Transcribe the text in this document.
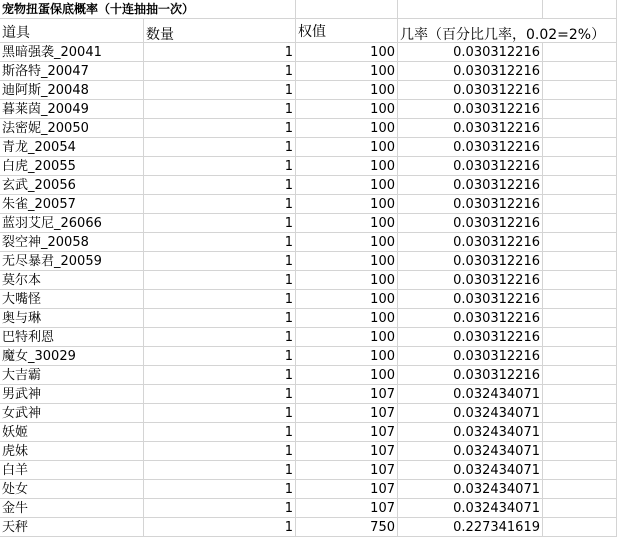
宠物扭蛋保底概率（十连抽抽一次）
道具	数量	权值	几率（百分比几率，0.02=2%）
黑暗强袭_20041	1	100	0.030312216
斯洛特_20047	1	100	0.030312216
迪阿斯_20048	1	100	0.030312216
暮莱茵_20049	1	100	0.030312216
法密妮_20050	1	100	0.030312216
青龙_20054	1	100	0.030312216
白虎_20055	1	100	0.030312216
玄武_20056	1	100	0.030312216
朱雀_20057	1	100	0.030312216
蓝羽艾尼_26066	1	100	0.030312216
裂空神_20058	1	100	0.030312216
无尽暴君_20059	1	100	0.030312216
莫尔本	1	100	0.030312216
大嘴怪	1	100	0.030312216
奥与琳	1	100	0.030312216
巴特利恩	1	100	0.030312216
魔女_30029	1	100	0.030312216
大吉霸	1	100	0.030312216
男武神	1	107	0.032434071
女武神	1	107	0.032434071
妖姬	1	107	0.032434071
虎妹	1	107	0.032434071
白羊	1	107	0.032434071
处女	1	107	0.032434071
金牛	1	107	0.032434071
天秤	1	750	0.227341619
